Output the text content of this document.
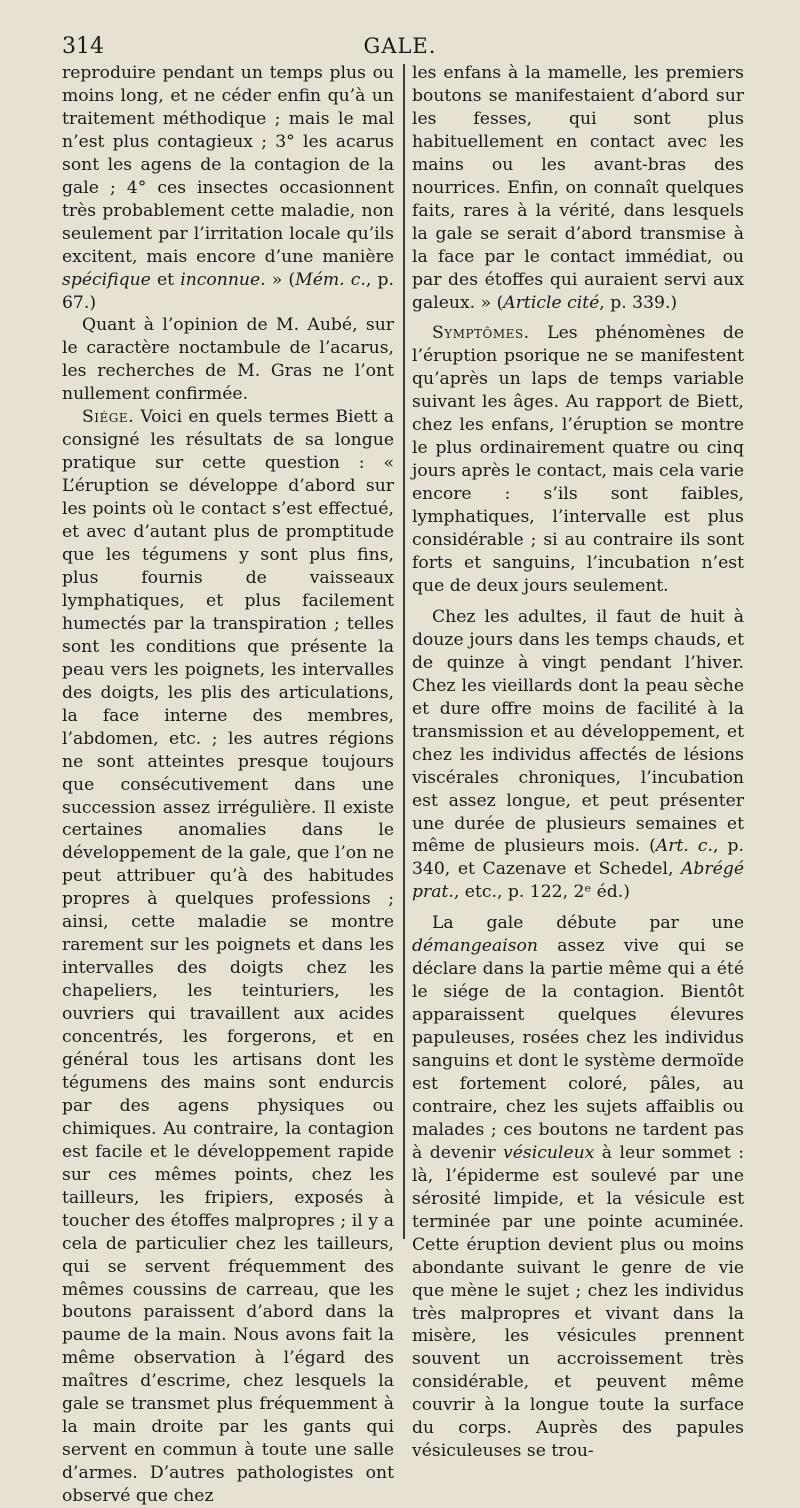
314	GALE.

reproduire pendant un temps plus ou moins long, et ne céder enfin qu’à un traitement méthodique ; mais le mal n’est plus contagieux ; 3° les acarus sont les agens de la contagion de la gale ; 4° ces insectes occasionnent très probablement cette maladie, non seulement par l’irritation locale qu’ils excitent, mais encore d’une manière spécifique et inconnue. » (Mém. c., p. 67.)

Quant à l’opinion de M. Aubé, sur le caractère noctambule de l’acarus, les recherches de M. Gras ne l’ont nullement confirmée.

Siége. Voici en quels termes Biett a consigné les résultats de sa longue pratique sur cette question : « L’éruption se développe d’abord sur les points où le contact s’est effectué, et avec d’autant plus de promptitude que les tégumens y sont plus fins, plus fournis de vaisseaux lymphatiques, et plus facilement humectés par la transpiration ; telles sont les conditions que présente la peau vers les poignets, les intervalles des doigts, les plis des articulations, la face interne des membres, l’abdomen, etc. ; les autres régions ne sont atteintes presque toujours que consécutivement dans une succession assez irrégulière. Il existe certaines anomalies dans le développement de la gale, que l’on ne peut attribuer qu’à des habitudes propres à quelques professions ; ainsi, cette maladie se montre rarement sur les poignets et dans les intervalles des doigts chez les chapeliers, les teinturiers, les ouvriers qui travaillent aux acides concentrés, les forgerons, et en général tous les artisans dont les tégumens des mains sont endurcis par des agens physiques ou chimiques. Au contraire, la contagion est facile et le développement rapide sur ces mêmes points, chez les tailleurs, les fripiers, exposés à toucher des étoffes malpropres ; il y a cela de particulier chez les tailleurs, qui se servent fréquemment des mêmes coussins de carreau, que les boutons paraissent d’abord dans la paume de la main. Nous avons fait la même observation à l’égard des maîtres d’escrime, chez lesquels la gale se transmet plus fréquemment à la main droite par les gants qui servent en commun à toute une salle d’armes. D’autres pathologistes ont observé que chez

les enfans à la mamelle, les premiers boutons se manifestaient d’abord sur les fesses, qui sont plus habituellement en contact avec les mains ou les avant-bras des nourrices. Enfin, on connaît quelques faits, rares à la vérité, dans lesquels la gale se serait d’abord transmise à la face par le contact immédiat, ou par des étoffes qui auraient servi aux galeux. » (Article cité, p. 339.)

Symptômes. Les phénomènes de l’éruption psorique ne se manifestent qu’après un laps de temps variable suivant les âges. Au rapport de Biett, chez les enfans, l’éruption se montre le plus ordinairement quatre ou cinq jours après le contact, mais cela varie encore : s’ils sont faibles, lymphatiques, l’intervalle est plus considérable ; si au contraire ils sont forts et sanguins, l’incubation n’est que de deux jours seulement.

Chez les adultes, il faut de huit à douze jours dans les temps chauds, et de quinze à vingt pendant l’hiver. Chez les vieillards dont la peau sèche et dure offre moins de facilité à la transmission et au développement, et chez les individus affectés de lésions viscérales chroniques, l’incubation est assez longue, et peut présenter une durée de plusieurs semaines et même de plusieurs mois. (Art. c., p. 340, et Cazenave et Schedel, Abrégé prat., etc., p. 122, 2ᵉ éd.)

La gale débute par une démangeaison assez vive qui se déclare dans la partie même qui a été le siége de la contagion. Bientôt apparaissent quelques élevures papuleuses, rosées chez les individus sanguins et dont le système dermoïde est fortement coloré, pâles, au contraire, chez les sujets affaiblis ou malades ; ces boutons ne tardent pas à devenir vésiculeux à leur sommet : là, l’épiderme est soulevé par une sérosité limpide, et la vésicule est terminée par une pointe acuminée. Cette éruption devient plus ou moins abondante suivant le genre de vie que mène le sujet ; chez les individus très malpropres et vivant dans la misère, les vésicules prennent souvent un accroissement très considérable, et peuvent même couvrir à la longue toute la surface du corps. Auprès des papules vésiculeuses se trou-
